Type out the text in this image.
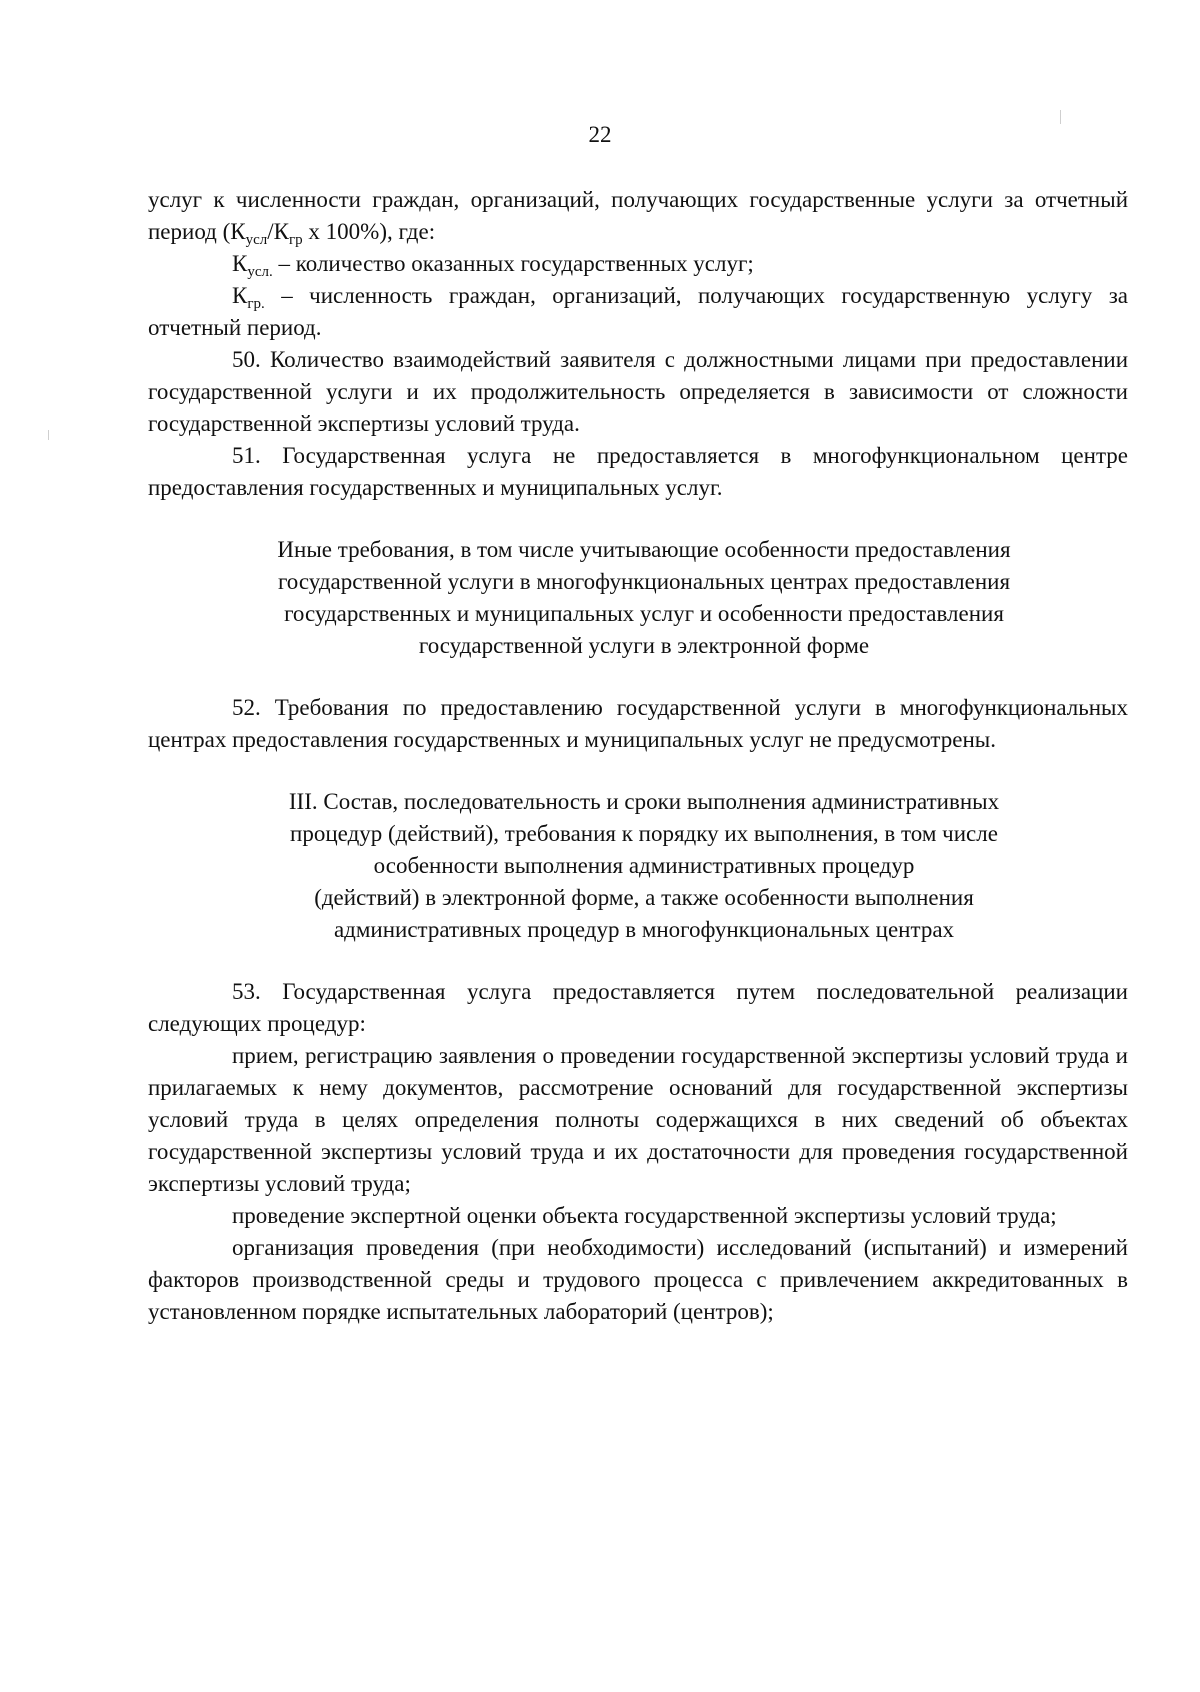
22

услуг к численности граждан, организаций, получающих государственные услуги за отчетный период ($К_{усл}/К_{гр}$ х 100%), где:

$К_{усл.}$ – количество оказанных государственных услуг;

$К_{гр.}$ – численность граждан, организаций, получающих государственную услугу за отчетный период.

50. Количество взаимодействий заявителя с должностными лицами при предоставлении государственной услуги и их продолжительность определяется в зависимости от сложности государственной экспертизы условий труда.

51. Государственная услуга не предоставляется в многофункциональном центре предоставления государственных и муниципальных услуг.

Иные требования, в том числе учитывающие особенности предоставления
государственной услуги в многофункциональных центрах предоставления
государственных и муниципальных услуг и особенности предоставления
государственной услуги в электронной форме

52. Требования по предоставлению государственной услуги в многофункциональных центрах предоставления государственных и муниципальных услуг не предусмотрены.

III. Состав, последовательность и сроки выполнения административных
процедур (действий), требования к порядку их выполнения, в том числе
особенности выполнения административных процедур
(действий) в электронной форме, а также особенности выполнения
административных процедур в многофункциональных центрах

53. Государственная услуга предоставляется путем последовательной реализации следующих процедур:

прием, регистрацию заявления о проведении государственной экспертизы условий труда и прилагаемых к нему документов, рассмотрение оснований для государственной экспертизы условий труда в целях определения полноты содержащихся в них сведений об объектах государственной экспертизы условий труда и их достаточности для проведения государственной экспертизы условий труда;

проведение экспертной оценки объекта государственной экспертизы условий труда;

организация проведения (при необходимости) исследований (испытаний) и измерений факторов производственной среды и трудового процесса с привлечением аккредитованных в установленном порядке испытательных лабораторий (центров);
